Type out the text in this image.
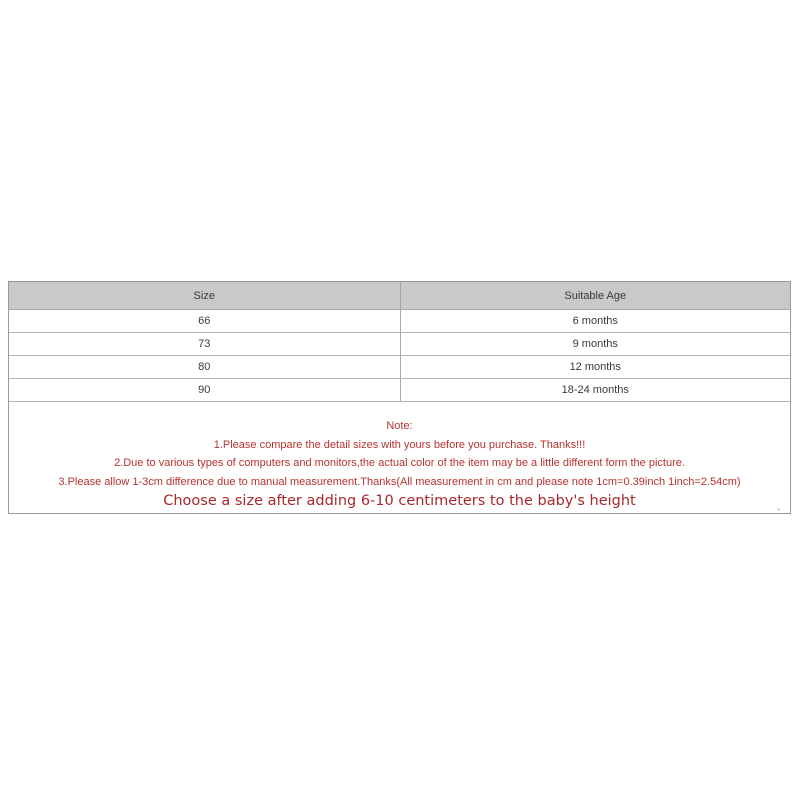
Size	Suitable Age
66	6 months
73	9 months
80	12 months
90	18-24 months
Note:
1.Please compare the detail sizes with yours before you purchase. Thanks!!!
2.Due to various types of computers and monitors,the actual color of the item may be a little different form the picture.
3.Please allow 1-3cm difference due to manual measurement.Thanks(All measurement in cm and please note 1cm=0.39inch 1inch=2.54cm)
Choose a size after adding 6-10 centimeters to the baby's height
